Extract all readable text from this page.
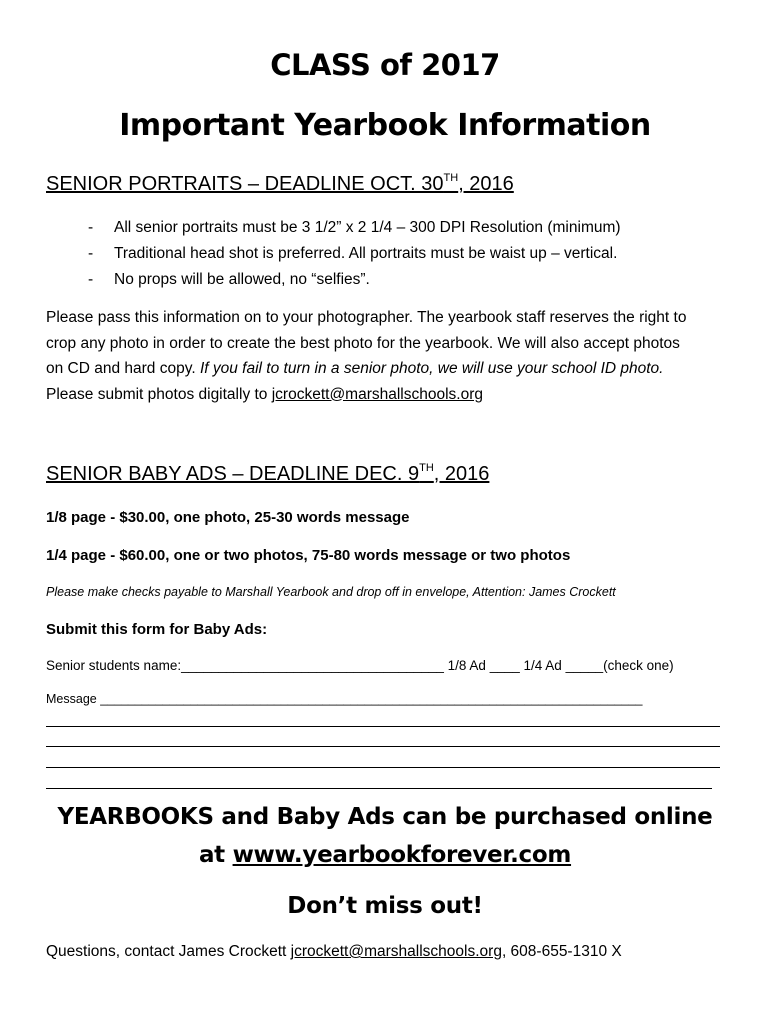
CLASS of 2017
Important Yearbook Information
SENIOR PORTRAITS – DEADLINE OCT. 30TH, 2016
- All senior portraits must be 3 1/2” x 2 1/4 – 300 DPI Resolution (minimum)
- Traditional head shot is preferred. All portraits must be waist up – vertical.
- No props will be allowed, no “selfies”.
Please pass this information on to your photographer. The yearbook staff reserves the right to
crop any photo in order to create the best photo for the yearbook. We will also accept photos
on CD and hard copy. If you fail to turn in a senior photo, we will use your school ID photo.
Please submit photos digitally to jcrockett@marshallschools.org
SENIOR BABY ADS – DEADLINE DEC. 9TH, 2016
1/8 page - $30.00, one photo, 25-30 words message
1/4 page - $60.00, one or two photos, 75-80 words message or two photos
Please make checks payable to Marshall Yearbook and drop off in envelope, Attention: James Crockett
Submit this form for Baby Ads:
Senior students name:___________________________________ 1/8 Ad ____ 1/4 Ad _____(check one)
Message ______________________________________________________________________________
YEARBOOKS and Baby Ads can be purchased online
at www.yearbookforever.com
Don’t miss out!
Questions, contact James Crockett jcrockett@marshallschools.org, 608-655-1310 X
